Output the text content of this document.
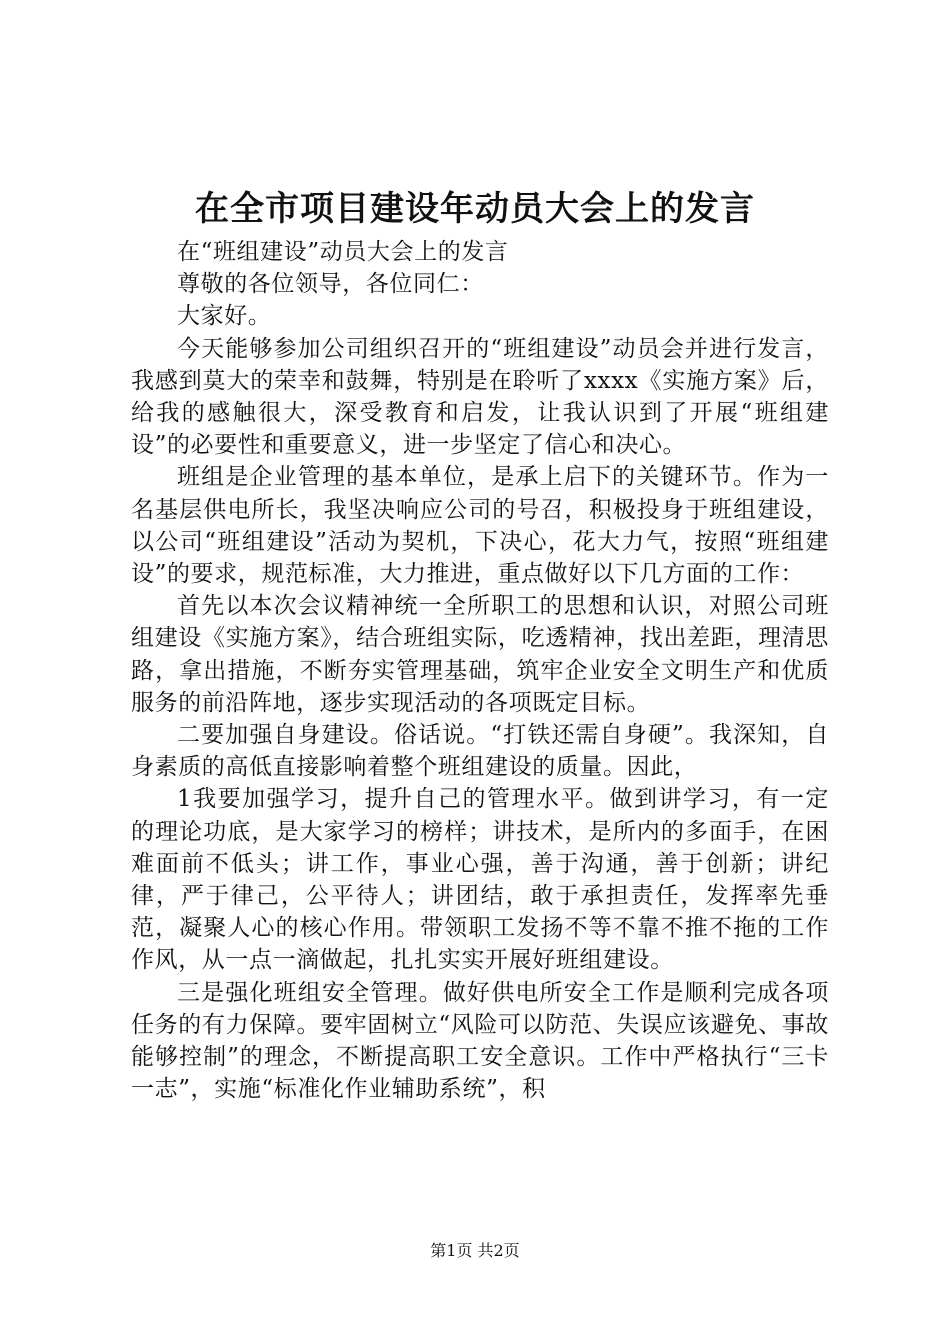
在全市项目建设年动员大会上的发言

在“班组建设”动员大会上的发言

尊敬的各位领导，各位同仁：

大家好。

今天能够参加公司组织召开的“班组建设”动员会并进行发言，我感到莫大的荣幸和鼓舞，特别是在聆听了xxxx《实施方案》后，给我的感触很大，深受教育和启发，让我认识到了开展“班组建设”的必要性和重要意义，进一步坚定了信心和决心。

班组是企业管理的基本单位，是承上启下的关键环节。作为一名基层供电所长，我坚决响应公司的号召，积极投身于班组建设，以公司“班组建设”活动为契机，下决心，花大力气，按照“班组建设”的要求，规范标准，大力推进，重点做好以下几方面的工作：

首先以本次会议精神统一全所职工的思想和认识，对照公司班组建设《实施方案》，结合班组实际，吃透精神，找出差距，理清思路，拿出措施，不断夯实管理基础，筑牢企业安全文明生产和优质服务的前沿阵地，逐步实现活动的各项既定目标。

二要加强自身建设。俗话说。“打铁还需自身硬”。我深知，自身素质的高低直接影响着整个班组建设的质量。因此，

1我要加强学习，提升自己的管理水平。做到讲学习，有一定的理论功底，是大家学习的榜样；讲技术，是所内的多面手，在困难面前不低头；讲工作，事业心强，善于沟通，善于创新；讲纪律，严于律己，公平待人；讲团结，敢于承担责任，发挥率先垂范，凝聚人心的核心作用。带领职工发扬不等不靠不推不拖的工作作风，从一点一滴做起，扎扎实实开展好班组建设。

三是强化班组安全管理。做好供电所安全工作是顺利完成各项任务的有力保障。要牢固树立“风险可以防范、失误应该避免、事故能够控制”的理念，不断提高职工安全意识。工作中严格执行“三卡一志”，实施“标准化作业辅助系统”，积

第1页 共2页
